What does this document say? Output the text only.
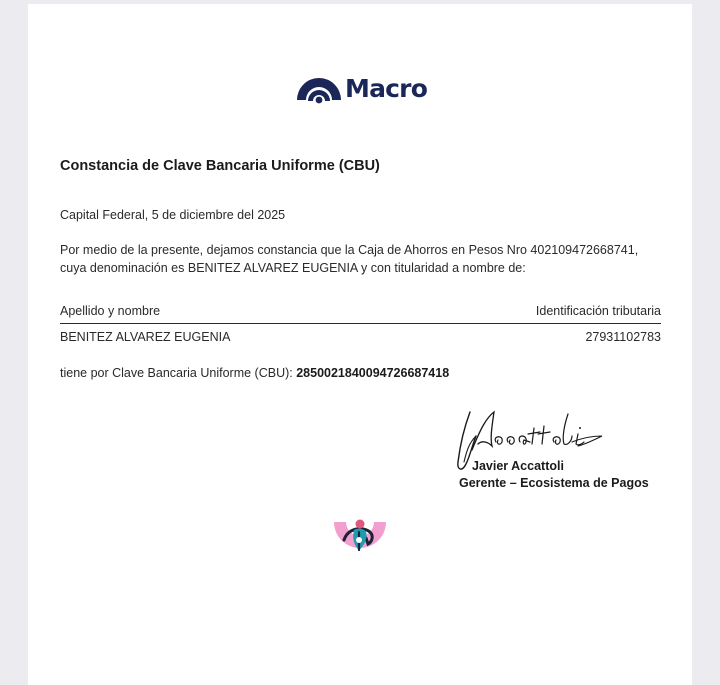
Macro
Constancia de Clave Bancaria Uniforme (CBU)
Capital Federal, 5 de diciembre del 2025
Por medio de la presente, dejamos constancia que la Caja de Ahorros en Pesos Nro 402109472668741,
cuya denominación es BENITEZ ALVAREZ EUGENIA y con titularidad a nombre de:
Apellido y nombre	Identificación tributaria
BENITEZ ALVAREZ EUGENIA	27931102783
tiene por Clave Bancaria Uniforme (CBU): 2850021840094726687418
Javier Accattoli
Gerente – Ecosistema de Pagos
